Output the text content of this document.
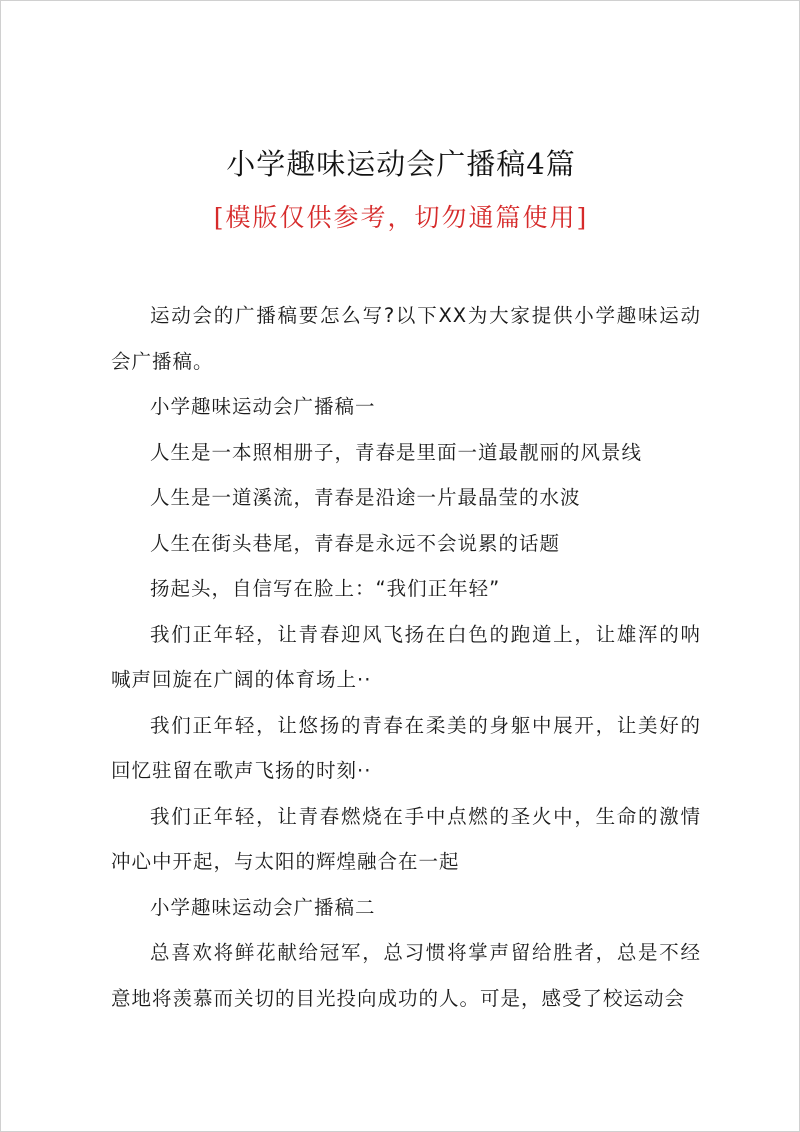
小学趣味运动会广播稿4篇
[模版仅供参考，切勿通篇使用]

运动会的广播稿要怎么写?以下XX为大家提供小学趣味运动会广播稿。

小学趣味运动会广播稿一

人生是一本照相册子，青春是里面一道最靓丽的风景线

人生是一道溪流，青春是沿途一片最晶莹的水波

人生在街头巷尾，青春是永远不会说累的话题

扬起头，自信写在脸上：“我们正年轻”

我们正年轻，让青春迎风飞扬在白色的跑道上，让雄浑的呐喊声回旋在广阔的体育场上··

我们正年轻，让悠扬的青春在柔美的身躯中展开，让美好的回忆驻留在歌声飞扬的时刻··

我们正年轻，让青春燃烧在手中点燃的圣火中，生命的激情冲心中开起，与太阳的辉煌融合在一起

小学趣味运动会广播稿二

总喜欢将鲜花献给冠军，总习惯将掌声留给胜者，总是不经意地将羡慕而关切的目光投向成功的人。可是，感受了校运动会
